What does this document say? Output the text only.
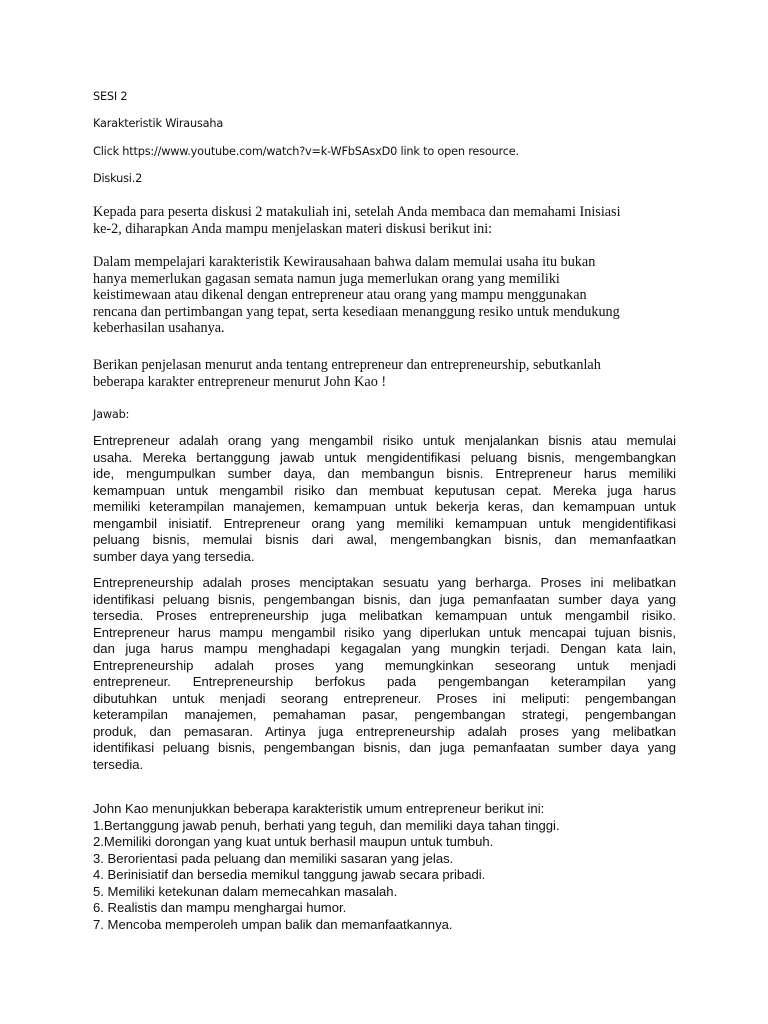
SESI 2
Karakteristik Wirausaha
Click https://www.youtube.com/watch?v=k-WFbSAsxD0 link to open resource.
Diskusi.2
Kepada para peserta diskusi 2 matakuliah ini, setelah Anda membaca dan memahami Inisiasi
ke-2, diharapkan Anda mampu menjelaskan materi diskusi berikut ini:
Dalam mempelajari karakteristik Kewirausahaan bahwa dalam memulai usaha itu bukan
hanya memerlukan gagasan semata namun juga memerlukan orang yang memiliki
keistimewaan atau dikenal dengan entrepreneur atau orang yang mampu menggunakan
rencana dan pertimbangan yang tepat, serta kesediaan menanggung resiko untuk mendukung
keberhasilan usahanya.
Berikan penjelasan menurut anda tentang entrepreneur dan entrepreneurship, sebutkanlah
beberapa karakter entrepreneur menurut John Kao !
Jawab:
Entrepreneur adalah orang yang mengambil risiko untuk menjalankan bisnis atau memulai
usaha. Mereka bertanggung jawab untuk mengidentifikasi peluang bisnis, mengembangkan
ide, mengumpulkan sumber daya, dan membangun bisnis. Entrepreneur harus memiliki
kemampuan untuk mengambil risiko dan membuat keputusan cepat. Mereka juga harus
memiliki keterampilan manajemen, kemampuan untuk bekerja keras, dan kemampuan untuk
mengambil inisiatif. Entrepreneur orang yang memiliki kemampuan untuk mengidentifikasi
peluang bisnis, memulai bisnis dari awal, mengembangkan bisnis, dan memanfaatkan
sumber daya yang tersedia.
Entrepreneurship adalah proses menciptakan sesuatu yang berharga. Proses ini melibatkan
identifikasi peluang bisnis, pengembangan bisnis, dan juga pemanfaatan sumber daya yang
tersedia. Proses entrepreneurship juga melibatkan kemampuan untuk mengambil risiko.
Entrepreneur harus mampu mengambil risiko yang diperlukan untuk mencapai tujuan bisnis,
dan juga harus mampu menghadapi kegagalan yang mungkin terjadi. Dengan kata lain,
Entrepreneurship adalah proses yang memungkinkan seseorang untuk menjadi
entrepreneur. Entrepreneurship berfokus pada pengembangan keterampilan yang
dibutuhkan untuk menjadi seorang entrepreneur. Proses ini meliputi: pengembangan
keterampilan manajemen, pemahaman pasar, pengembangan strategi, pengembangan
produk, dan pemasaran. Artinya juga entrepreneurship adalah proses yang melibatkan
identifikasi peluang bisnis, pengembangan bisnis, dan juga pemanfaatan sumber daya yang
tersedia.
John Kao menunjukkan beberapa karakteristik umum entrepreneur berikut ini:
1.Bertanggung jawab penuh, berhati yang teguh, dan memiliki daya tahan tinggi.
2.Memiliki dorongan yang kuat untuk berhasil maupun untuk tumbuh.
3. Berorientasi pada peluang dan memiliki sasaran yang jelas.
4. Berinisiatif dan bersedia memikul tanggung jawab secara pribadi.
5. Memiliki ketekunan dalam memecahkan masalah.
6. Realistis dan mampu menghargai humor.
7. Mencoba memperoleh umpan balik dan memanfaatkannya.
